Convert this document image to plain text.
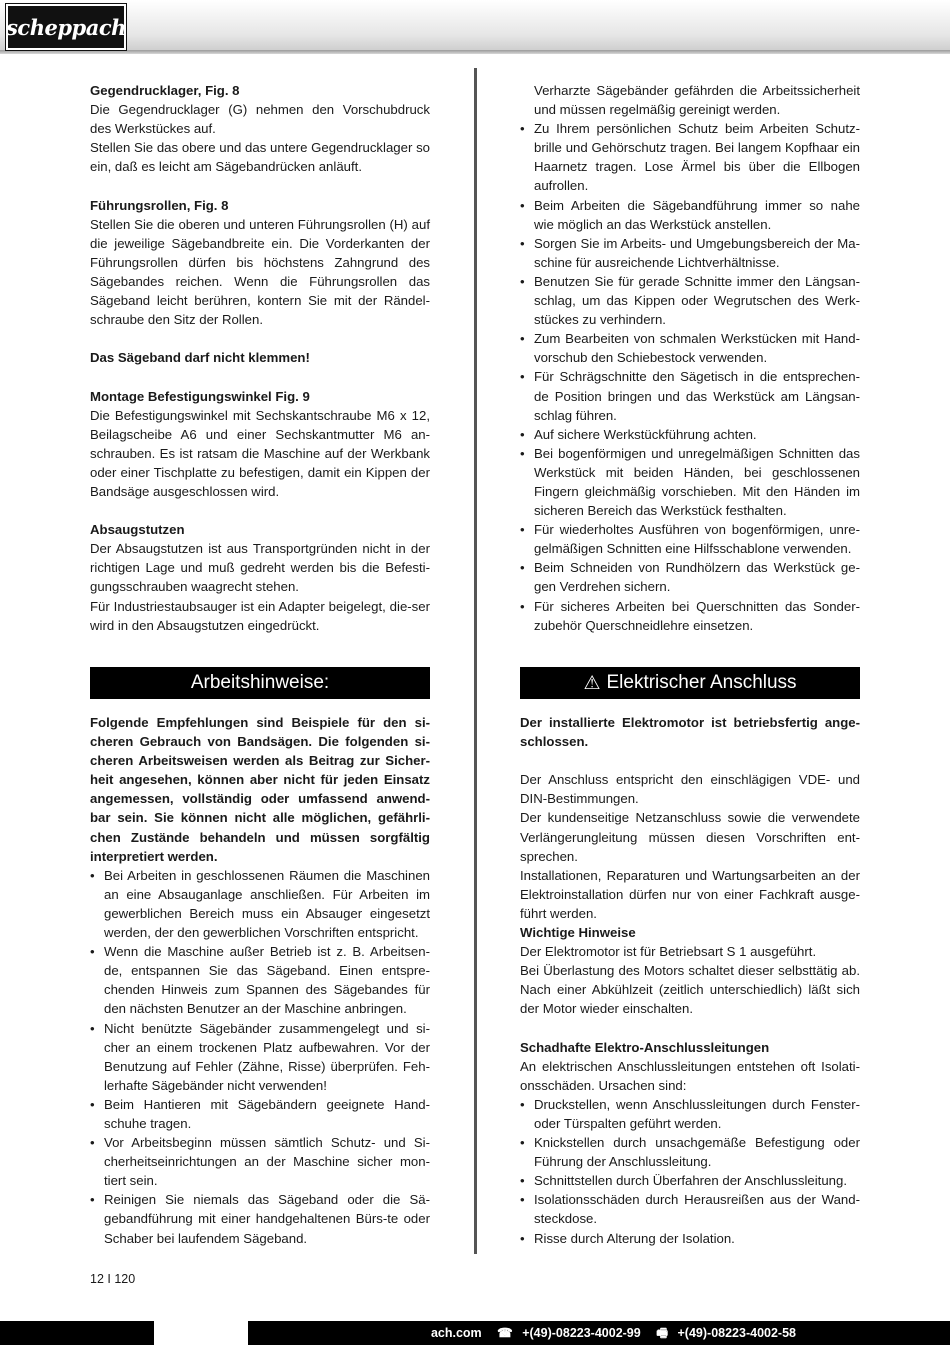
scheppach

Gegendrucklager, Fig. 8

Die Gegendrucklager (G) nehmen den Vorschubdruck des Werkstückes auf.

Stellen Sie das obere und das untere Gegendrucklager so ein, daß es leicht am Sägebandrücken anläuft.

Führungsrollen, Fig. 8

Stellen Sie die oberen und unteren Führungsrollen (H) auf die jeweilige Sägebandbreite ein. Die Vorderkanten der Führungsrollen dürfen bis höchstens Zahngrund des Sägebandes reichen. Wenn die Führungsrollen das Sägeband leicht berühren, kontern Sie mit der Rändel-schraube den Sitz der Rollen.

Das Sägeband darf nicht klemmen!

Montage Befestigungswinkel Fig. 9

Die Befestigungswinkel mit Sechskantschraube M6 x 12, Beilagscheibe A6 und einer Sechskantmutter M6 an-schrauben. Es ist ratsam die Maschine auf der Werkbank oder einer Tischplatte zu befestigen, damit ein Kippen der Bandsäge ausgeschlossen wird.

Absaugstutzen

Der Absaugstutzen ist aus Transportgründen nicht in der richtigen Lage und muß gedreht werden bis die Befesti-gungsschrauben waagrecht stehen.

Für Industriestaubsauger ist ein Adapter beigelegt, die-ser wird in den Absaugstutzen eingedrückt.

Verharzte Sägebänder gefährden die Arbeitssicherheit und müssen regelmäßig gereinigt werden.

• Zu Ihrem persönlichen Schutz beim Arbeiten Schutz-brille und Gehörschutz tragen. Bei langem Kopfhaar ein Haarnetz tragen. Lose Ärmel bis über die Ellbogen aufrollen.
• Beim Arbeiten die Sägebandführung immer so nahe wie möglich an das Werkstück anstellen.
• Sorgen Sie im Arbeits- und Umgebungsbereich der Ma-schine für ausreichende Lichtverhältnisse.
• Benutzen Sie für gerade Schnitte immer den Längsan-schlag, um das Kippen oder Wegrutschen des Werk-stückes zu verhindern.
• Zum Bearbeiten von schmalen Werkstücken mit Hand-vorschub den Schiebestock verwenden.
• Für Schrägschnitte den Sägetisch in die entsprechen-de Position bringen und das Werkstück am Längsan-schlag führen.
• Auf sichere Werkstückführung achten.
• Bei bogenförmigen und unregelmäßigen Schnitten das Werkstück mit beiden Händen, bei geschlossenen Fingern gleichmäßig vorschieben. Mit den Händen im sicheren Bereich das Werkstück festhalten.
• Für wiederholtes Ausführen von bogenförmigen, unre-gelmäßigen Schnitten eine Hilfsschablone verwenden.
• Beim Schneiden von Rundhölzern das Werkstück ge-gen Verdrehen sichern.
• Für sicheres Arbeiten bei Querschnitten das Sonder-zubehör Querschneidlehre einsetzen.
Arbeitshinweise:	⚠ Elektrischer Anschluss

Folgende Empfehlungen sind Beispiele für den si-cheren Gebrauch von Bandsägen. Die folgenden si-cheren Arbeitsweisen werden als Beitrag zur Sicher-heit angesehen, können aber nicht für jeden Einsatz angemessen, vollständig oder umfassend anwend-bar sein. Sie können nicht alle möglichen, gefährli-chen Zustände behandeln und müssen sorgfältig interpretiert werden.

• Bei Arbeiten in geschlossenen Räumen die Maschinen an eine Absauganlage anschließen. Für Arbeiten im gewerblichen Bereich muss ein Absauger eingesetzt werden, der den gewerblichen Vorschriften entspricht.
• Wenn die Maschine außer Betrieb ist z. B. Arbeitsen-de, entspannen Sie das Sägeband. Einen entspre-chenden Hinweis zum Spannen des Sägebandes für den nächsten Benutzer an der Maschine anbringen.
• Nicht benützte Sägebänder zusammengelegt und si-cher an einem trockenen Platz aufbewahren. Vor der Benutzung auf Fehler (Zähne, Risse) überprüfen. Feh-lerhafte Sägebänder nicht verwenden!
• Beim Hantieren mit Sägebändern geeignete Hand-schuhe tragen.
• Vor Arbeitsbeginn müssen sämtlich Schutz- und Si-cherheitseinrichtungen an der Maschine sicher mon-tiert sein.
• Reinigen Sie niemals das Sägeband oder die Sä-gebandführung mit einer handgehaltenen Bürs-te oder Schaber bei laufendem Sägeband.

Der installierte Elektromotor ist betriebsfertig ange-schlossen.

Der Anschluss entspricht den einschlägigen VDE- und DIN-Bestimmungen.

Der kundenseitige Netzanschluss sowie die verwendete Verlängerungleitung müssen diesen Vorschriften ent-sprechen.

Installationen, Reparaturen und Wartungsarbeiten an der Elektroinstallation dürfen nur von einer Fachkraft ausge-führt werden.

Wichtige Hinweise

Der Elektromotor ist für Betriebsart S 1 ausgeführt.

Bei Überlastung des Motors schaltet dieser selbsttätig ab. Nach einer Abkühlzeit (zeitlich unterschiedlich) läßt sich der Motor wieder einschalten.

Schadhafte Elektro-Anschlussleitungen

An elektrischen Anschlussleitungen entstehen oft Isolati-onsschäden. Ursachen sind:

• Druckstellen, wenn Anschlussleitungen durch Fenster-oder Türspalten geführt werden.
• Knickstellen durch unsachgemäße Befestigung oder Führung der Anschlussleitung.
• Schnittstellen durch Überfahren der Anschlussleitung.
• Isolationsschäden durch Herausreißen aus der Wand-steckdose.
• Risse durch Alterung der Isolation.
12 I 120
ach.com ☎ +(49)-08223-4002-99 🖷 +(49)-08223-4002-58
